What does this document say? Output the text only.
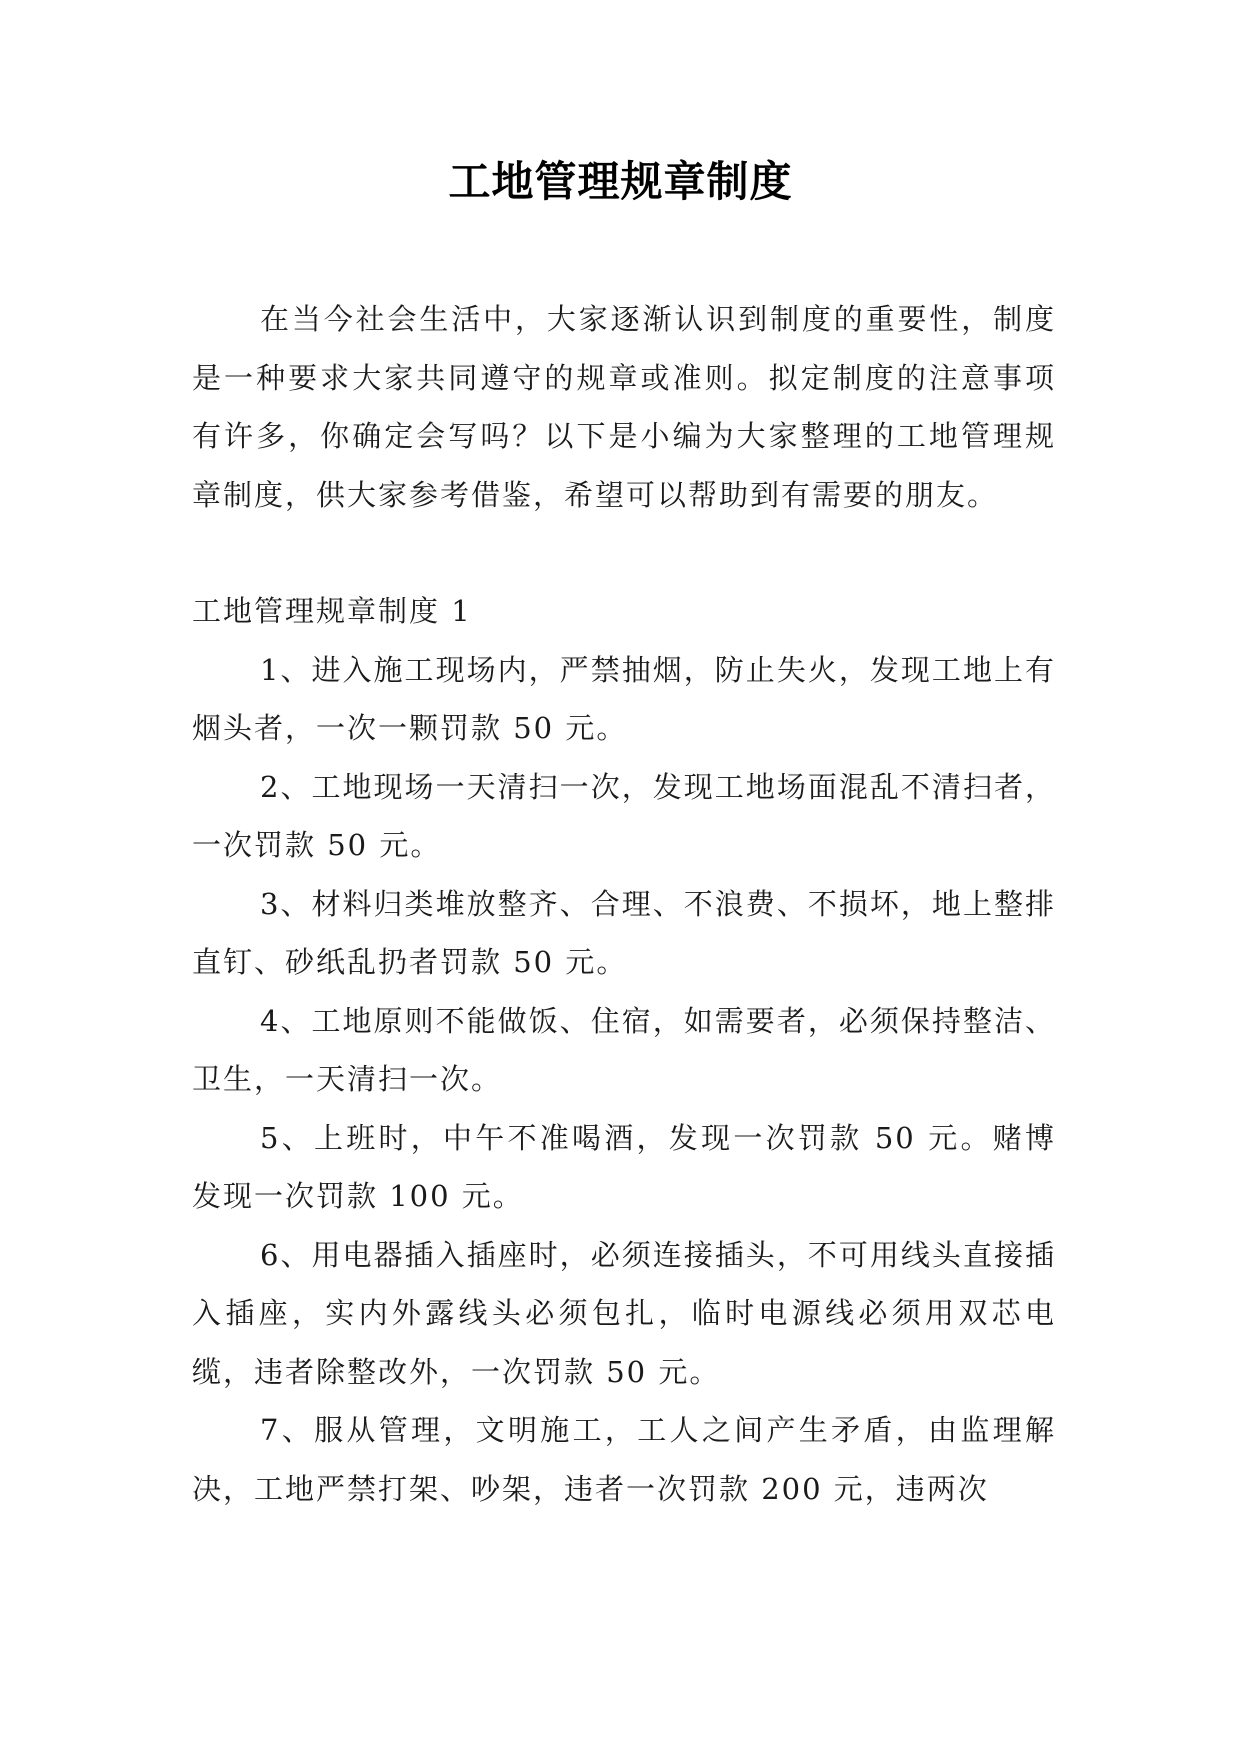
工地管理规章制度

在当今社会生活中，大家逐渐认识到制度的重要性，制度是一种要求大家共同遵守的规章或准则。拟定制度的注意事项有许多，你确定会写吗？以下是小编为大家整理的工地管理规章制度，供大家参考借鉴，希望可以帮助到有需要的朋友。

工地管理规章制度 1

1、进入施工现场内，严禁抽烟，防止失火，发现工地上有烟头者，一次一颗罚款 50 元。

2、工地现场一天清扫一次，发现工地场面混乱不清扫者，一次罚款 50 元。

3、材料归类堆放整齐、合理、不浪费、不损坏，地上整排直钉、砂纸乱扔者罚款 50 元。

4、工地原则不能做饭、住宿，如需要者，必须保持整洁、卫生，一天清扫一次。

5、上班时，中午不准喝酒，发现一次罚款 50 元。赌博发现一次罚款 100 元。

6、用电器插入插座时，必须连接插头，不可用线头直接插入插座，实内外露线头必须包扎，临时电源线必须用双芯电缆，违者除整改外，一次罚款 50 元。

7、服从管理，文明施工，工人之间产生矛盾，由监理解决，工地严禁打架、吵架，违者一次罚款 200 元，违两次
